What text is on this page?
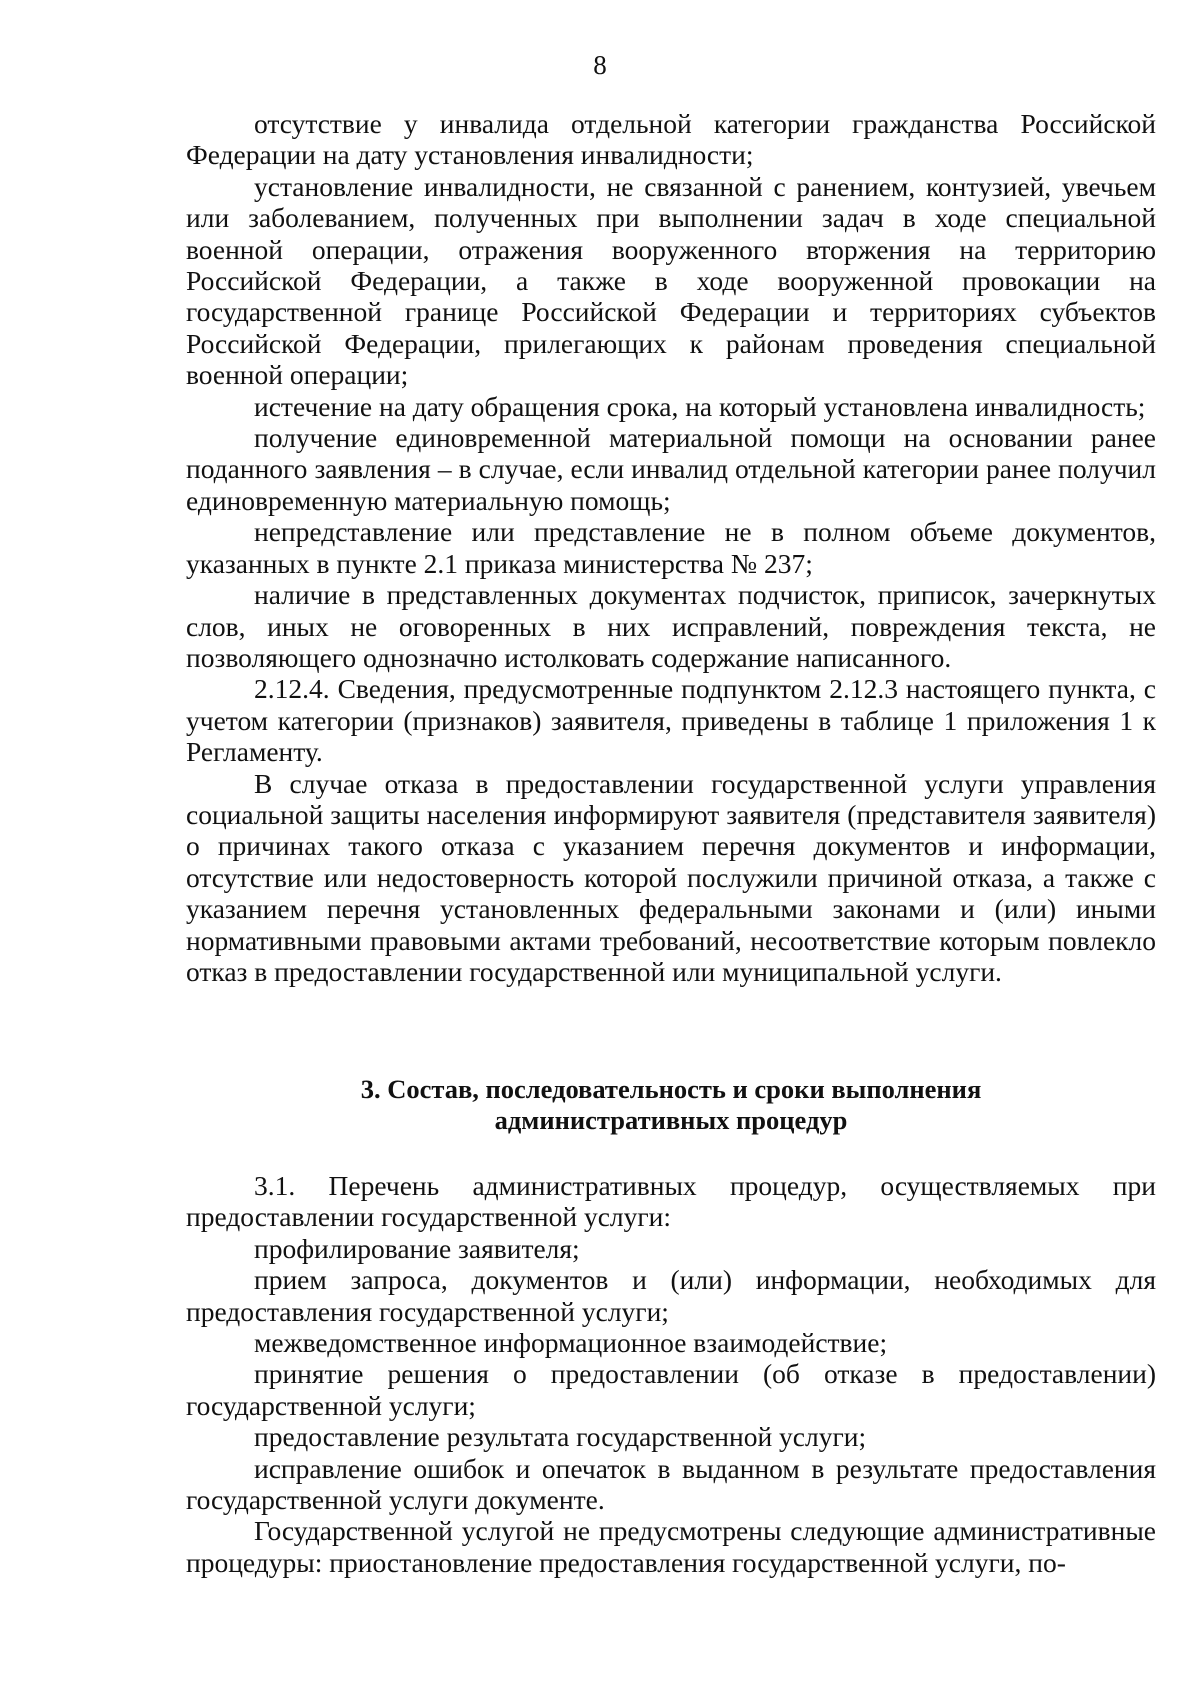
8

отсутствие у инвалида отдельной категории гражданства Российской Федерации на дату установления инвалидности;

установление инвалидности, не связанной с ранением, контузией, увечьем или заболеванием, полученных при выполнении задач в ходе специальной военной операции, отражения вооруженного вторжения на территорию Российской Федерации, а также в ходе вооруженной провокации на государственной границе Российской Федерации и территориях субъектов Российской Федерации, прилегающих к районам проведения специальной военной операции;

истечение на дату обращения срока, на который установлена инвалидность;

получение единовременной материальной помощи на основании ранее поданного заявления – в случае, если инвалид отдельной категории ранее получил единовременную материальную помощь;

непредставление или представление не в полном объеме документов, указанных в пункте 2.1 приказа министерства № 237;

наличие в представленных документах подчисток, приписок, зачеркнутых слов, иных не оговоренных в них исправлений, повреждения текста, не позволяющего однозначно истолковать содержание написанного.

2.12.4. Сведения, предусмотренные подпунктом 2.12.3 настоящего пункта, с учетом категории (признаков) заявителя, приведены в таблице 1 приложения 1 к Регламенту.

В случае отказа в предоставлении государственной услуги управления социальной защиты населения информируют заявителя (представителя заявителя) о причинах такого отказа с указанием перечня документов и информации, отсутствие или недостоверность которой послужили причиной отказа, а также с указанием перечня установленных федеральными законами и (или) иными нормативными правовыми актами требований, несоответствие которым повлекло отказ в предоставлении государственной или муниципальной услуги.

3. Состав, последовательность и сроки выполнения
административных процедур

3.1. Перечень административных процедур, осуществляемых при предоставлении государственной услуги:

профилирование заявителя;

прием запроса, документов и (или) информации, необходимых для предоставления государственной услуги;

межведомственное информационное взаимодействие;

принятие решения о предоставлении (об отказе в предоставлении) государственной услуги;

предоставление результата государственной услуги;

исправление ошибок и опечаток в выданном в результате предоставления государственной услуги документе.

Государственной услугой не предусмотрены следующие административные процедуры: приостановление предоставления государственной услуги, по-
